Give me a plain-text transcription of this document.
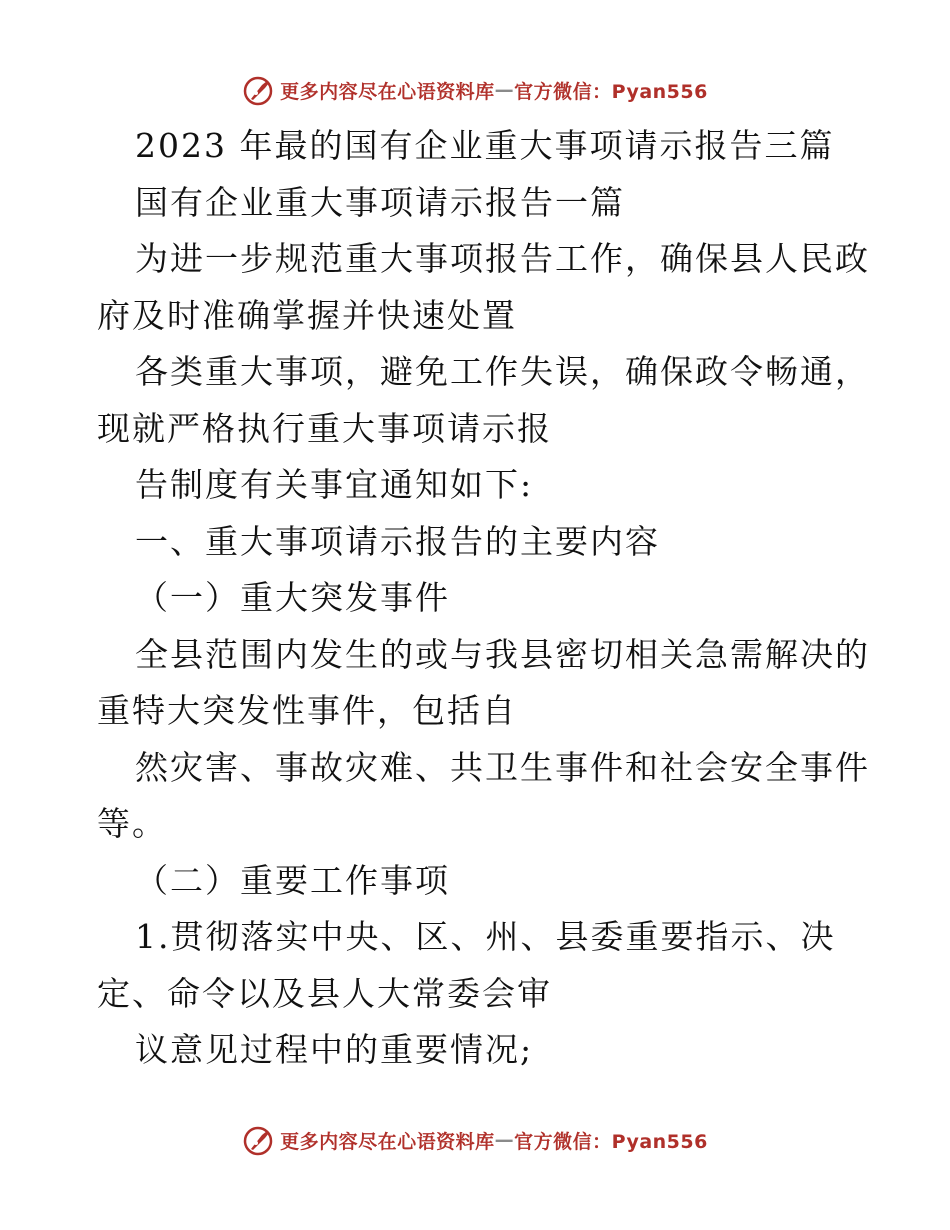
更多内容尽在心语资料库 — 官方微信：Pyan556
2023 年最的国有企业重大事项请示报告三篇
国有企业重大事项请示报告一篇
为进一步规范重大事项报告工作，确保县人民政
府及时准确掌握并快速处置
各类重大事项，避免工作失误，确保政令畅通，
现就严格执行重大事项请示报
告制度有关事宜通知如下:
一、重大事项请示报告的主要内容
（一）重大突发事件
全县范围内发生的或与我县密切相关急需解决的
重特大突发性事件，包括自
然灾害、事故灾难、共卫生事件和社会安全事件
等。
（二）重要工作事项
1.贯彻落实中央、区、州、县委重要指示、决
定、命令以及县人大常委会审
议意见过程中的重要情况;
更多内容尽在心语资料库 — 官方微信：Pyan556
